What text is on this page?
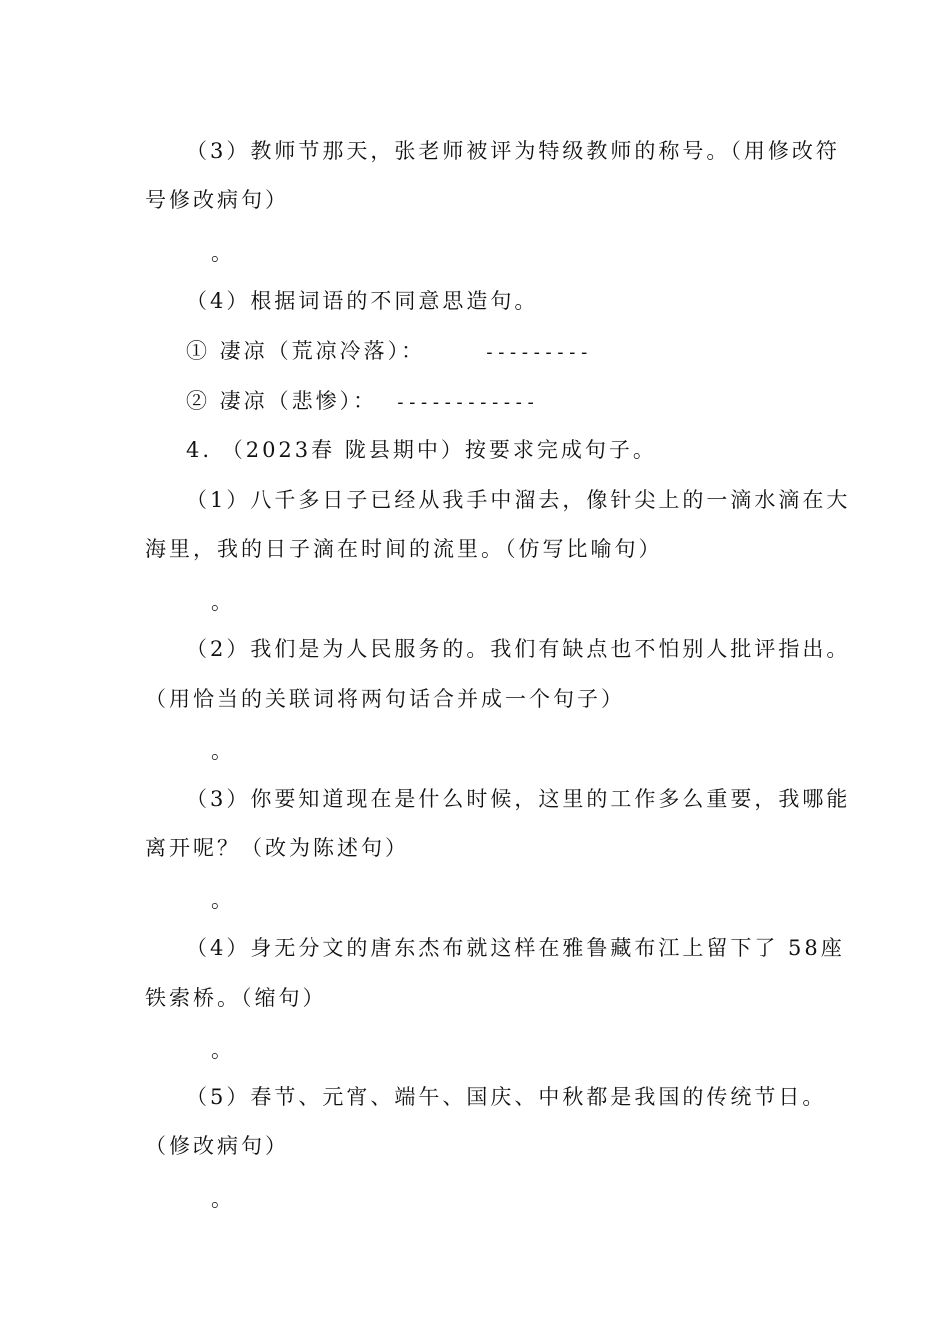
（3）教师节那天，张老师被评为特级教师的称号。（用修改符
号修改病句）
。
（4）根据词语的不同意思造句。
① 凄凉（荒凉冷落）：	---------
② 凄凉（悲惨）： ------------
4. （2023春 陇县期中）按要求完成句子。
（1）八千多日子已经从我手中溜去，像针尖上的一滴水滴在大
海里，我的日子滴在时间的流里。（仿写比喻句）
。
（2）我们是为人民服务的。我们有缺点也不怕别人批评指出。
（用恰当的关联词将两句话合并成一个句子）
。
（3）你要知道现在是什么时候，这里的工作多么重要，我哪能
离开呢？（改为陈述句）
。
（4）身无分文的唐东杰布就这样在雅鲁藏布江上留下了 58座
铁索桥。（缩句）
。
（5）春节、元宵、端午、国庆、中秋都是我国的传统节日。
（修改病句）
。
